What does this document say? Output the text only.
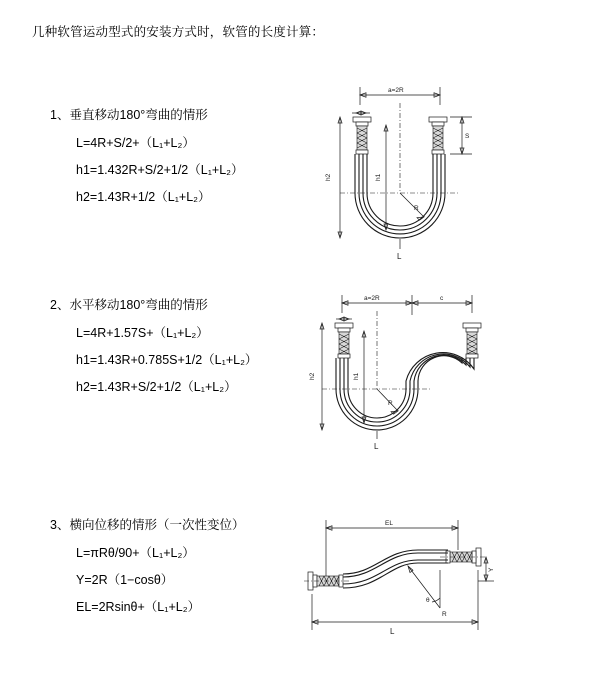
几种软管运动型式的安装方式时，软管的长度计算：
1、垂直移动180°弯曲的情形
L=4R+S/2+（L₁+L₂）
h1=1.432R+S/2+1/2（L₁+L₂）
h2=1.43R+1/2（L₁+L₂）
a=2R
R
S
h2	h1
L
2、水平移动180°弯曲的情形
L=4R+1.57S+（L₁+L₂）
h1=1.43R+0.785S+1/2（L₁+L₂）
h2=1.43R+S/2+1/2（L₁+L₂）
a=2R	c
R
h2	h1
L
3、横向位移的情形（一次性变位）
L=πRθ/90+（L₁+L₂）
Y=2R（1−cosθ）
EL=2Rsinθ+（L₁+L₂）
EL
θ
R
Y
L
